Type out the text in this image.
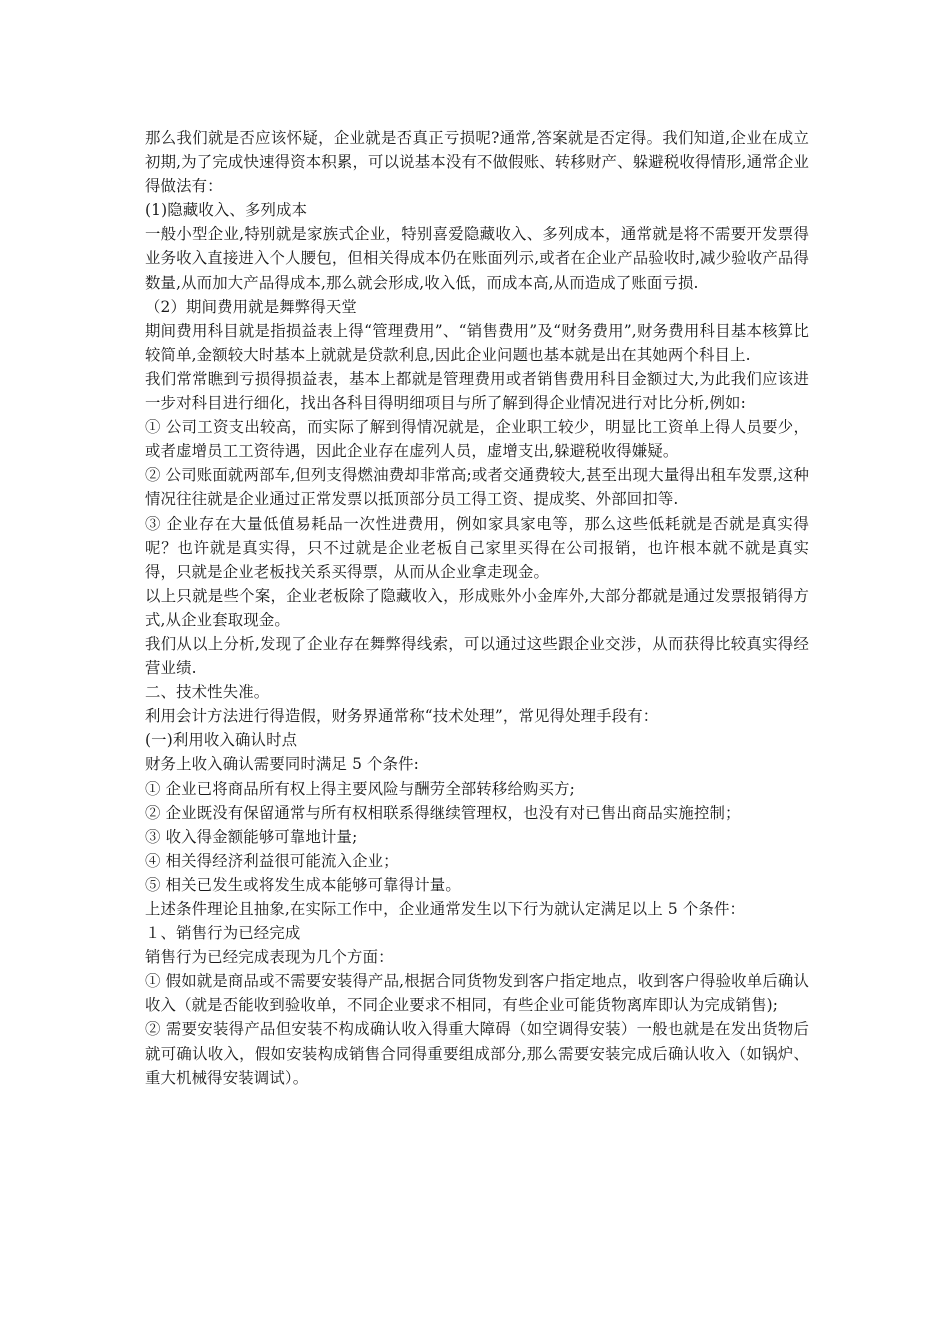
那么我们就是否应该怀疑，企业就是否真正亏损呢?通常,答案就是否定得。我们知道,企业在成立初期,为了完成快速得资本积累，可以说基本没有不做假账、转移财产、躲避税收得情形,通常企业得做法有：

(1)隐藏收入、多列成本

一般小型企业,特别就是家族式企业，特别喜爱隐藏收入、多列成本，通常就是将不需要开发票得业务收入直接进入个人腰包，但相关得成本仍在账面列示,或者在企业产品验收时,减少验收产品得数量,从而加大产品得成本,那么就会形成,收入低，而成本高,从而造成了账面亏损.

（2）期间费用就是舞弊得天堂

期间费用科目就是指损益表上得“管理费用”、“销售费用”及“财务费用”,财务费用科目基本核算比较简单,金额较大时基本上就就是贷款利息,因此企业问题也基本就是出在其她两个科目上.

我们常常瞧到亏损得损益表，基本上都就是管理费用或者销售费用科目金额过大,为此我们应该进一步对科目进行细化，找出各科目得明细项目与所了解到得企业情况进行对比分析,例如:

① 公司工资支出较高，而实际了解到得情况就是，企业职工较少，明显比工资单上得人员要少，或者虚增员工工资待遇，因此企业存在虚列人员，虚增支出,躲避税收得嫌疑。

② 公司账面就两部车,但列支得燃油费却非常高;或者交通费较大,甚至出现大量得出租车发票,这种情况往往就是企业通过正常发票以抵顶部分员工得工资、提成奖、外部回扣等.

③ 企业存在大量低值易耗品一次性进费用，例如家具家电等，那么这些低耗就是否就是真实得呢？也许就是真实得，只不过就是企业老板自己家里买得在公司报销，也许根本就不就是真实得，只就是企业老板找关系买得票，从而从企业拿走现金。

以上只就是些个案，企业老板除了隐藏收入，形成账外小金库外,大部分都就是通过发票报销得方式,从企业套取现金。

我们从以上分析,发现了企业存在舞弊得线索，可以通过这些跟企业交涉，从而获得比较真实得经营业绩.

二、技术性失准。

利用会计方法进行得造假，财务界通常称“技术处理”，常见得处理手段有：

(一)利用收入确认时点

财务上收入确认需要同时满足 5 个条件:

① 企业已将商品所有权上得主要风险与酬劳全部转移给购买方;

② 企业既没有保留通常与所有权相联系得继续管理权，也没有对已售出商品实施控制；

③ 收入得金额能够可靠地计量;

④ 相关得经济利益很可能流入企业；

⑤ 相关已发生或将发生成本能够可靠得计量。

上述条件理论且抽象,在实际工作中，企业通常发生以下行为就认定满足以上 5 个条件：

１、销售行为已经完成

销售行为已经完成表现为几个方面：

① 假如就是商品或不需要安装得产品,根据合同货物发到客户指定地点，收到客户得验收单后确认收入（就是否能收到验收单，不同企业要求不相同，有些企业可能货物离库即认为完成销售);

② 需要安装得产品但安装不构成确认收入得重大障碍（如空调得安装）一般也就是在发出货物后就可确认收入，假如安装构成销售合同得重要组成部分,那么需要安装完成后确认收入（如锅炉、重大机械得安装调试）。
